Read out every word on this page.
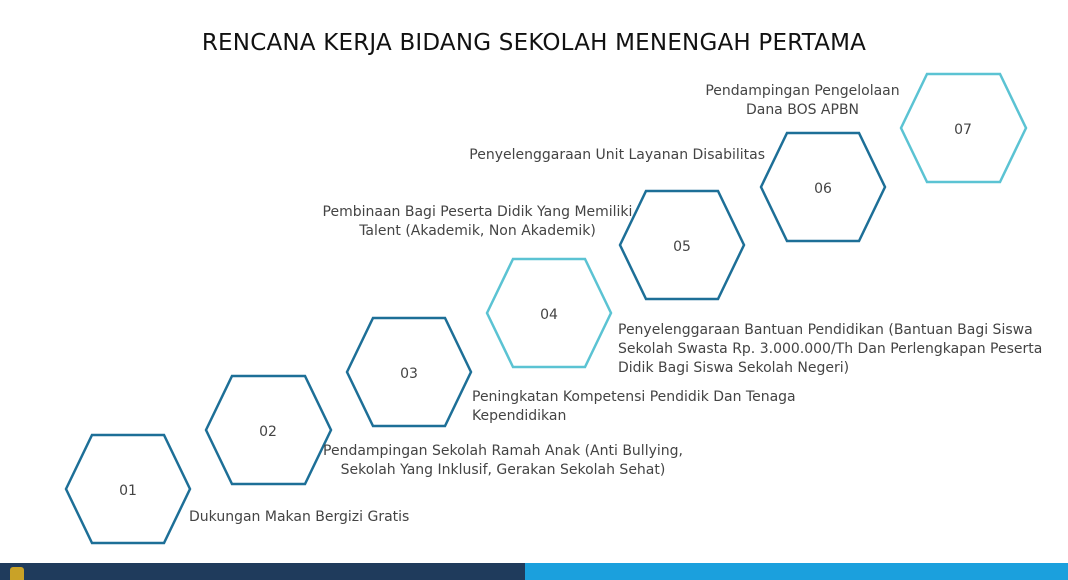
RENCANA KERJA BIDANG SEKOLAH MENENGAH PERTAMA
01
02
03
04
05
06
07
Dukungan Makan Bergizi Gratis
Pendampingan Sekolah Ramah Anak (Anti Bullying, Sekolah Yang Inklusif, Gerakan Sekolah Sehat)
Peningkatan Kompetensi Pendidik Dan Tenaga Kependidikan
Penyelenggaraan Bantuan Pendidikan (Bantuan Bagi Siswa Sekolah Swasta Rp. 3.000.000/Th Dan Perlengkapan Peserta Didik Bagi Siswa Sekolah Negeri)
Pembinaan Bagi Peserta Didik Yang Memiliki Talent (Akademik, Non Akademik)
Penyelenggaraan Unit Layanan Disabilitas
Pendampingan Pengelolaan Dana BOS APBN
